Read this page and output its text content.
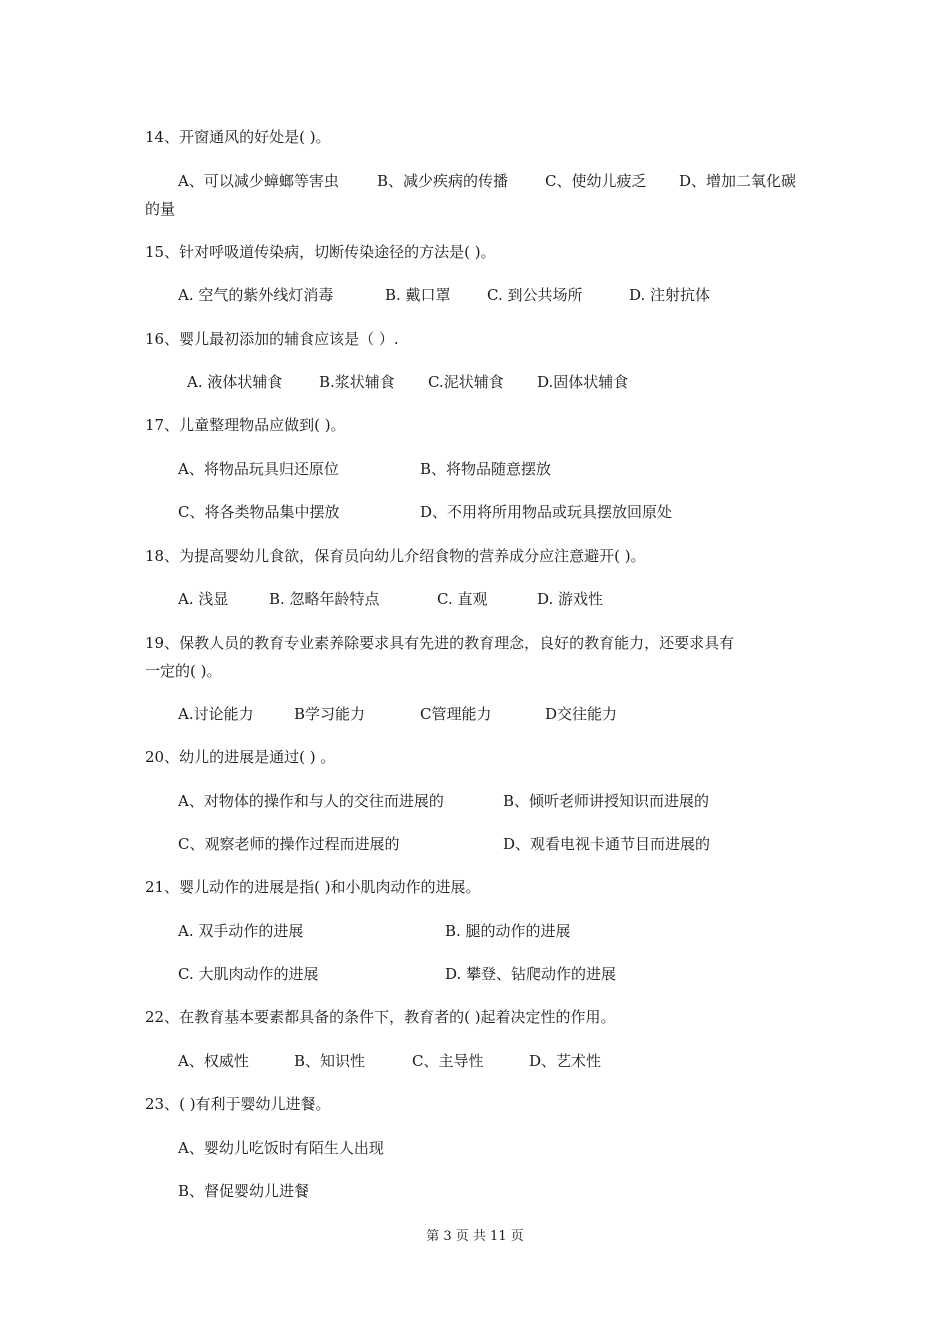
14、开窗通风的好处是( )。
A、可以减少蟑螂等害虫	B、减少疾病的传播 C、使幼儿疲乏 D、增加二氧化碳
的量
15、针对呼吸道传染病，切断传染途径的方法是( )。
A. 空气的紫外线灯消毒	B. 戴口罩 C. 到公共场所	D. 注射抗体
16、婴儿最初添加的辅食应该是（ ）.
A. 液体状辅食 B.浆状辅食 C.泥状辅食 D.固体状辅食
17、儿童整理物品应做到( )。
A、将物品玩具归还原位	B、将物品随意摆放
C、将各类物品集中摆放	D、不用将所用物品或玩具摆放回原处
18、为提高婴幼儿食欲，保育员向幼儿介绍食物的营养成分应注意避开( )。
A. 浅显	B. 忽略年龄特点	C. 直观	D. 游戏性
19、保教人员的教育专业素养除要求具有先进的教育理念，良好的教育能力，还要求具有
一定的( )。
A.讨论能力	B学习能力	C管理能力	D交往能力
20、幼儿的进展是通过( ) 。
A、对物体的操作和与人的交往而进展的	B、倾听老师讲授知识而进展的
C、观察老师的操作过程而进展的	D、观看电视卡通节目而进展的
21、婴儿动作的进展是指( )和小肌肉动作的进展。
A. 双手动作的进展	B. 腿的动作的进展
C. 大肌肉动作的进展	D. 攀登、钻爬动作的进展
22、在教育基本要素都具备的条件下，教育者的( )起着决定性的作用。
A、权威性	B、知识性	C、主导性	D、艺术性
23、( )有利于婴幼儿进餐。
A、婴幼儿吃饭时有陌生人出现
B、督促婴幼儿进餐
第 3 页 共 11 页
